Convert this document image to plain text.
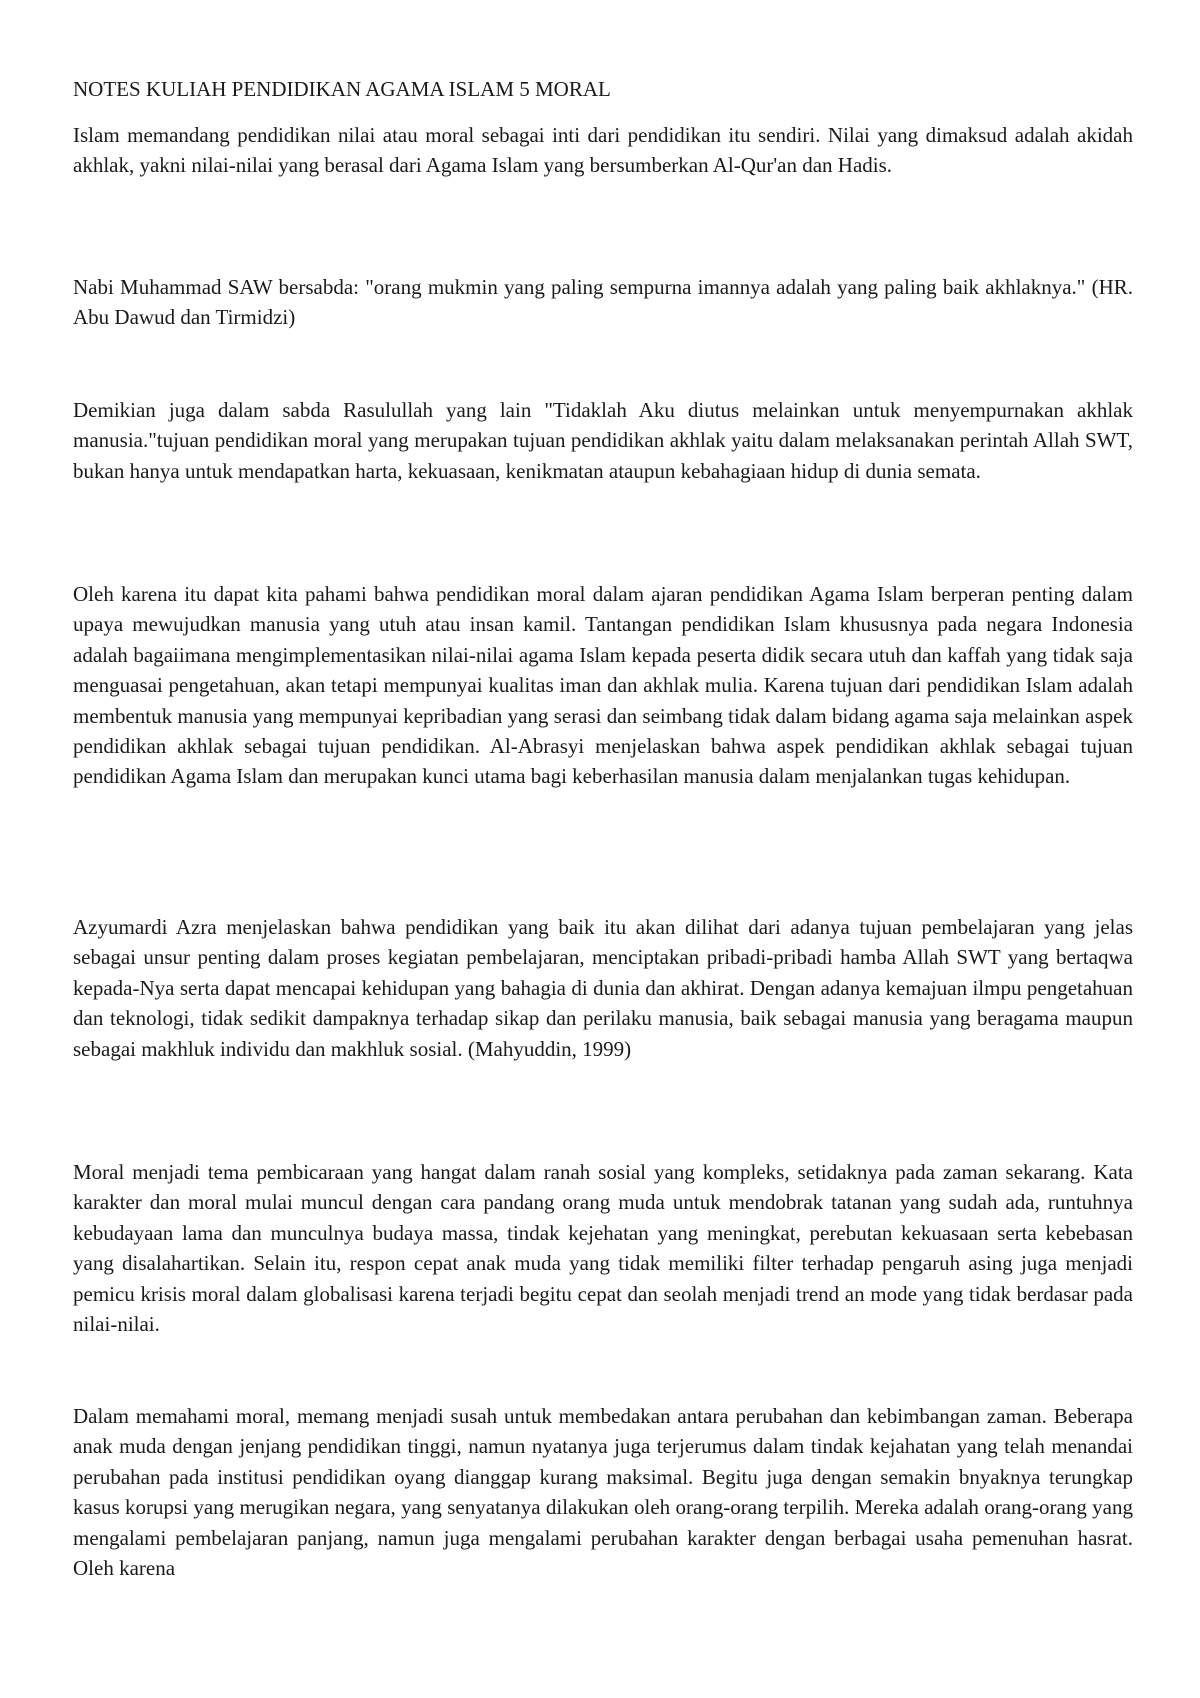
NOTES KULIAH PENDIDIKAN AGAMA ISLAM 5 MORAL

Islam memandang pendidikan nilai atau moral sebagai inti dari pendidikan itu sendiri. Nilai yang dimaksud adalah akidah akhlak, yakni nilai-nilai yang berasal dari Agama Islam yang bersumberkan Al-Qur'an dan Hadis.

Nabi Muhammad SAW bersabda: "orang mukmin yang paling sempurna imannya adalah yang paling baik akhlaknya." (HR. Abu Dawud dan Tirmidzi)

Demikian juga dalam sabda Rasulullah yang lain "Tidaklah Aku diutus melainkan untuk menyempurnakan akhlak manusia."tujuan pendidikan moral yang merupakan tujuan pendidikan akhlak yaitu dalam melaksanakan perintah Allah SWT, bukan hanya untuk mendapatkan harta, kekuasaan, kenikmatan ataupun kebahagiaan hidup di dunia semata.

Oleh karena itu dapat kita pahami bahwa pendidikan moral dalam ajaran pendidikan Agama Islam berperan penting dalam upaya mewujudkan manusia yang utuh atau insan kamil. Tantangan pendidikan Islam khususnya pada negara Indonesia adalah bagaiimana mengimplementasikan nilai-nilai agama Islam kepada peserta didik secara utuh dan kaffah yang tidak saja menguasai pengetahuan, akan tetapi mempunyai kualitas iman dan akhlak mulia. Karena tujuan dari pendidikan Islam adalah membentuk manusia yang mempunyai kepribadian yang serasi dan seimbang tidak dalam bidang agama saja melainkan aspek pendidikan akhlak sebagai tujuan pendidikan. Al-Abrasyi menjelaskan bahwa aspek pendidikan akhlak sebagai tujuan pendidikan Agama Islam dan merupakan kunci utama bagi keberhasilan manusia dalam menjalankan tugas kehidupan.

Azyumardi Azra menjelaskan bahwa pendidikan yang baik itu akan dilihat dari adanya tujuan pembelajaran yang jelas sebagai unsur penting dalam proses kegiatan pembelajaran, menciptakan pribadi-pribadi hamba Allah SWT yang bertaqwa kepada-Nya serta dapat mencapai kehidupan yang bahagia di dunia dan akhirat. Dengan adanya kemajuan ilmpu pengetahuan dan teknologi, tidak sedikit dampaknya terhadap sikap dan perilaku manusia, baik sebagai manusia yang beragama maupun sebagai makhluk individu dan makhluk sosial. (Mahyuddin, 1999)

Moral menjadi tema pembicaraan yang hangat dalam ranah sosial yang kompleks, setidaknya pada zaman sekarang. Kata karakter dan moral mulai muncul dengan cara pandang orang muda untuk mendobrak tatanan yang sudah ada, runtuhnya kebudayaan lama dan munculnya budaya massa, tindak kejehatan yang meningkat, perebutan kekuasaan serta kebebasan yang disalahartikan. Selain itu, respon cepat anak muda yang tidak memiliki filter terhadap pengaruh asing juga menjadi pemicu krisis moral dalam globalisasi karena terjadi begitu cepat dan seolah menjadi trend an mode yang tidak berdasar pada nilai-nilai.

Dalam memahami moral, memang menjadi susah untuk membedakan antara perubahan dan kebimbangan zaman. Beberapa anak muda dengan jenjang pendidikan tinggi, namun nyatanya juga terjerumus dalam tindak kejahatan yang telah menandai perubahan pada institusi pendidikan oyang dianggap kurang maksimal. Begitu juga dengan semakin bnyaknya terungkap kasus korupsi yang merugikan negara, yang senyatanya dilakukan oleh orang-orang terpilih. Mereka adalah orang-orang yang mengalami pembelajaran panjang, namun juga mengalami perubahan karakter dengan berbagai usaha pemenuhan hasrat. Oleh karena
